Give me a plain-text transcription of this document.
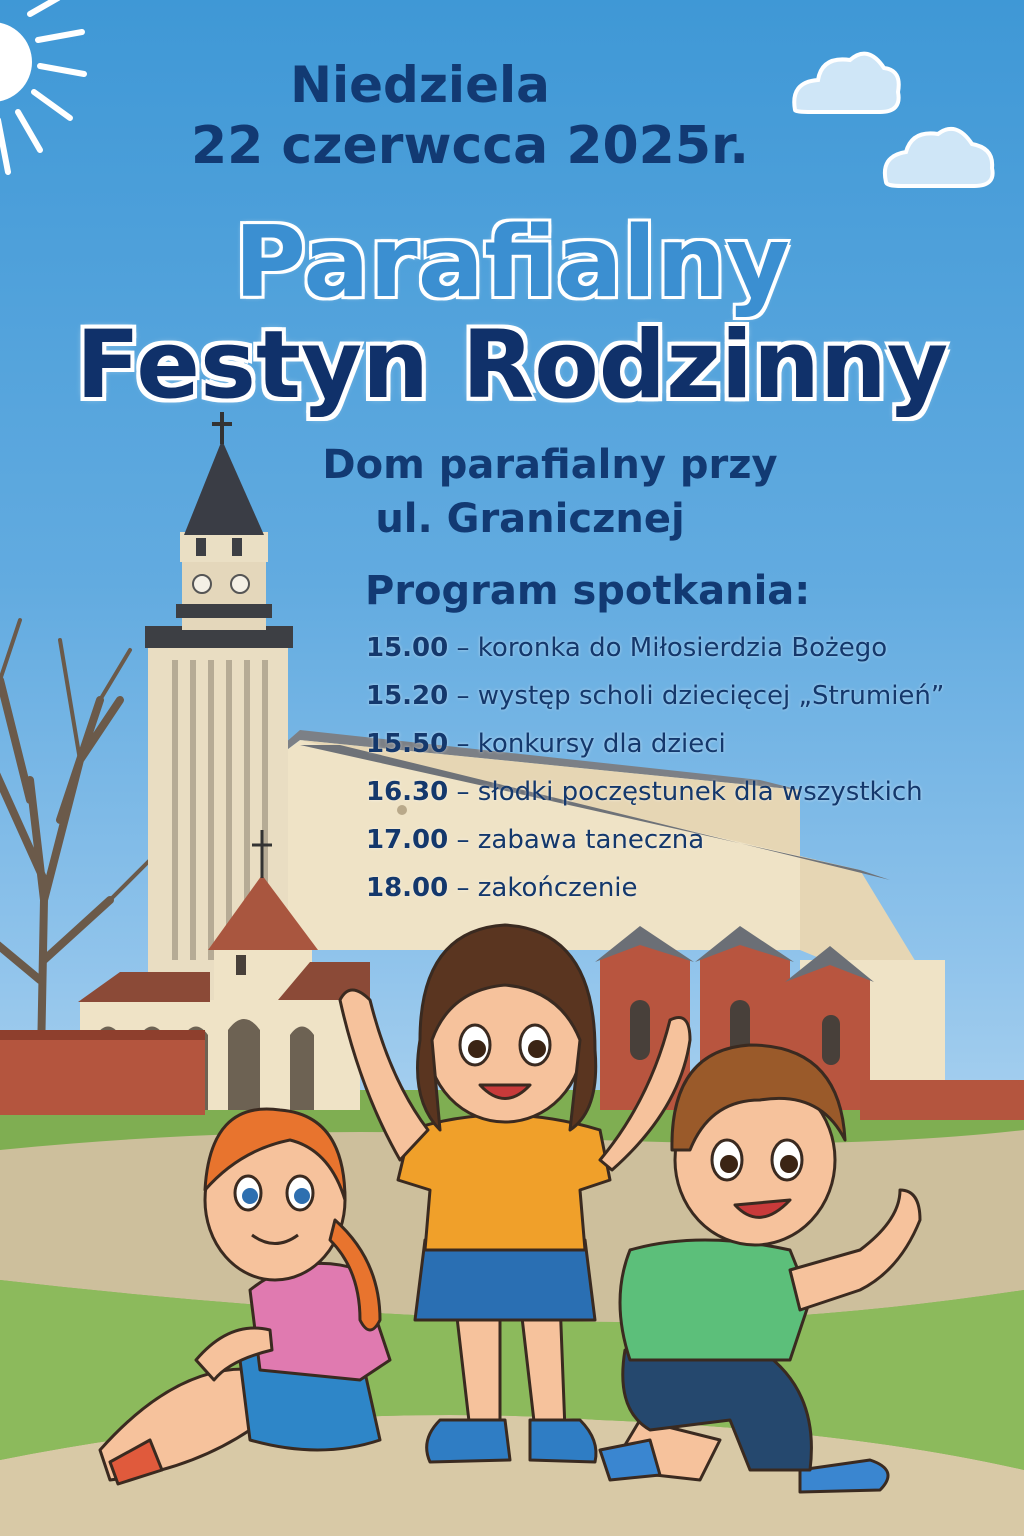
Niedziela
22 czerwcca 2025r.
Parafialny
Festyn Rodzinny
Dom parafialny przy
ul. Granicznej
Program spotkania:
15.00 – koronka do Miłosierdzia Bożego
15.20 – występ scholi dziecięcej „Strumień”
15.50 – konkursy dla dzieci
16.30 – słodki poczęstunek dla wszystkich
17.00 – zabawa taneczna
18.00 – zakończenie
